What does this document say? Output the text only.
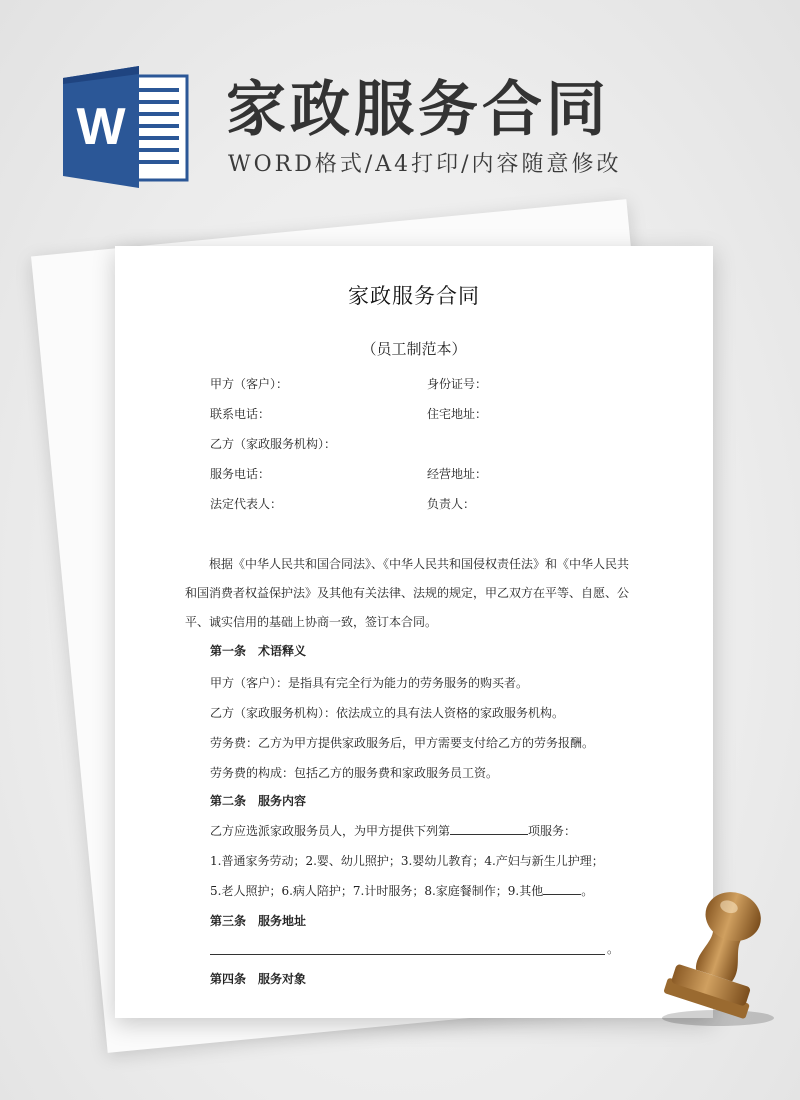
W 家政服务合同

WORD格式/A4打印/内容随意修改

家政服务合同
（员工制范本）
甲方（客户）：	身份证号：
联系电话：	住宅地址：
乙方（家政服务机构）：
服务电话：	经营地址：
法定代表人：	负责人：

根据《中华人民共和国合同法》、《中华人民共和国侵权责任法》和《中华人民共和国消费者权益保护法》及其他有关法律、法规的规定，甲乙双方在平等、自愿、公平、诚实信用的基础上协商一致，签订本合同。

第一条　术语释义
甲方（客户）：是指具有完全行为能力的劳务服务的购买者。
乙方（家政服务机构）：依法成立的具有法人资格的家政服务机构。
劳务费：乙方为甲方提供家政服务后，甲方需要支付给乙方的劳务报酬。
劳务费的构成：包括乙方的服务费和家政服务员工资。
第二条　服务内容
乙方应选派家政服务员人，为甲方提供下列第	项服务：
1.普通家务劳动；2.婴、幼儿照护；3.婴幼儿教育；4.产妇与新生儿护理；
5.老人照护；6.病人陪护；7.计时服务；8.家庭餐制作；9.其他	。
第三条　服务地址
。
第四条　服务对象
